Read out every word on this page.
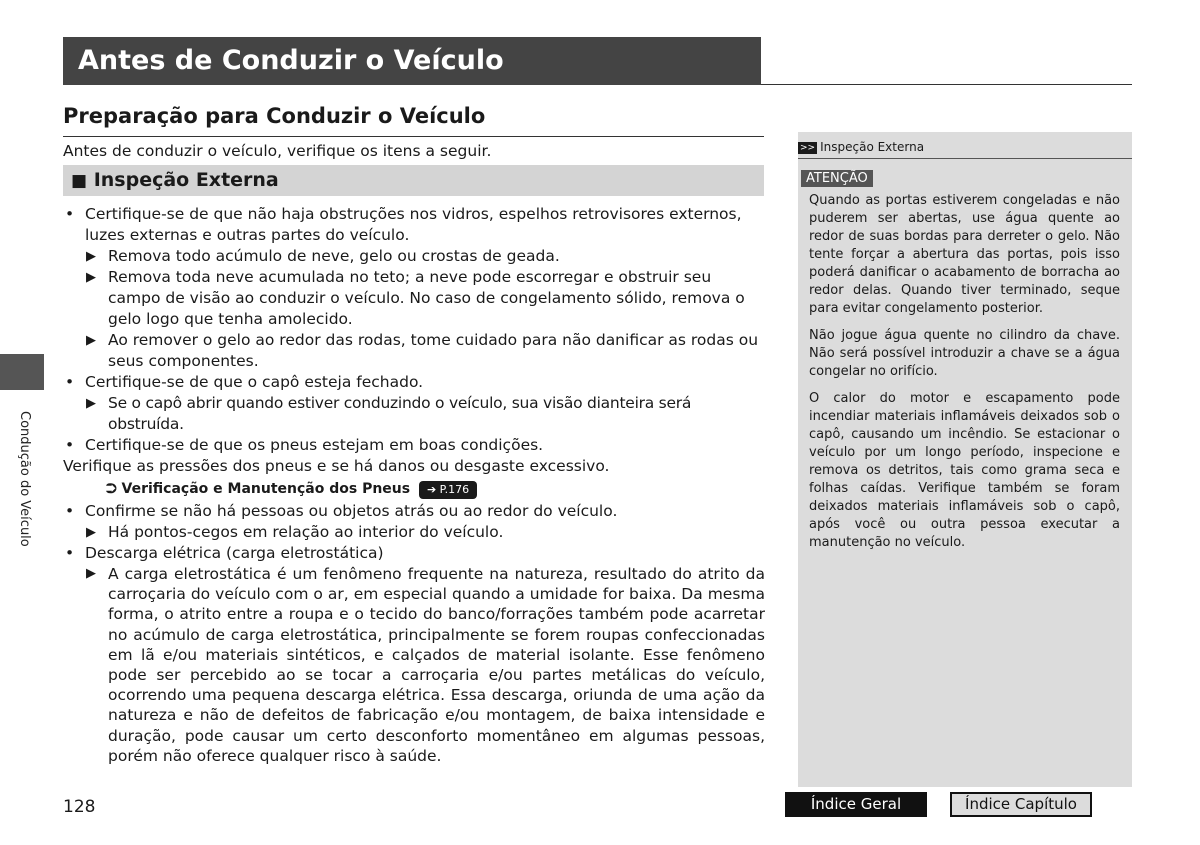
Antes de Conduzir o Veículo
Preparação para Conduzir o Veículo
Antes de conduzir o veículo, verifique os itens a seguir.
■ Inspeção Externa

• Certifique-se de que não haja obstruções nos vidros, espelhos retrovisores externos, luzes externas e outras partes do veículo.

▶ Remova todo acúmulo de neve, gelo ou crostas de geada.

▶ Remova toda neve acumulada no teto; a neve pode escorregar e obstruir seu campo de visão ao conduzir o veículo. No caso de congelamento sólido, remova o gelo logo que tenha amolecido.

▶ Ao remover o gelo ao redor das rodas, tome cuidado para não danificar as rodas ou seus componentes.

• Certifique-se de que o capô esteja fechado.

▶ Se o capô abrir quando estiver conduzindo o veículo, sua visão dianteira será obstruída.

• Certifique-se de que os pneus estejam em boas condições.

Verifique as pressões dos pneus e se há danos ou desgaste excessivo.

⮊ Verificação e Manutenção dos Pneus ➔ P.176

• Confirme se não há pessoas ou objetos atrás ou ao redor do veículo.

▶ Há pontos-cegos em relação ao interior do veículo.

• Descarga elétrica (carga eletrostática)

▶ A carga eletrostática é um fenômeno frequente na natureza, resultado do atrito da carroçaria do veículo com o ar, em especial quando a umidade for baixa. Da mesma forma, o atrito entre a roupa e o tecido do banco/forrações também pode acarretar no acúmulo de carga eletrostática, principalmente se forem roupas confeccionadas em lã e/ou materiais sintéticos, e calçados de material isolante. Esse fenômeno pode ser percebido ao se tocar a carroçaria e/ou partes metálicas do veículo, ocorrendo uma pequena descarga elétrica. Essa descarga, oriunda de uma ação da natureza e não de defeitos de fabricação e/ou montagem, de baixa intensidade e duração, pode causar um certo desconforto momentâneo em algumas pessoas, porém não oferece qualquer risco à saúde.

>> Inspeção Externa
ATENÇÃO

Quando as portas estiverem congeladas e não puderem ser abertas, use água quente ao redor de suas bordas para derreter o gelo. Não tente forçar a abertura das portas, pois isso poderá danificar o acabamento de borracha ao redor delas. Quando tiver terminado, seque para evitar congelamento posterior.

Não jogue água quente no cilindro da chave. Não será possível introduzir a chave se a água congelar no orifício.

O calor do motor e escapamento pode incendiar materiais inflamáveis deixados sob o capô, causando um incêndio. Se estacionar o veículo por um longo período, inspecione e remova os detritos, tais como grama seca e folhas caídas. Verifique também se foram deixados materiais inflamáveis sob o capô, após você ou outra pessoa executar a manutenção no veículo.

Condução do Veículo
128	Índice Geral	Índice Capítulo
